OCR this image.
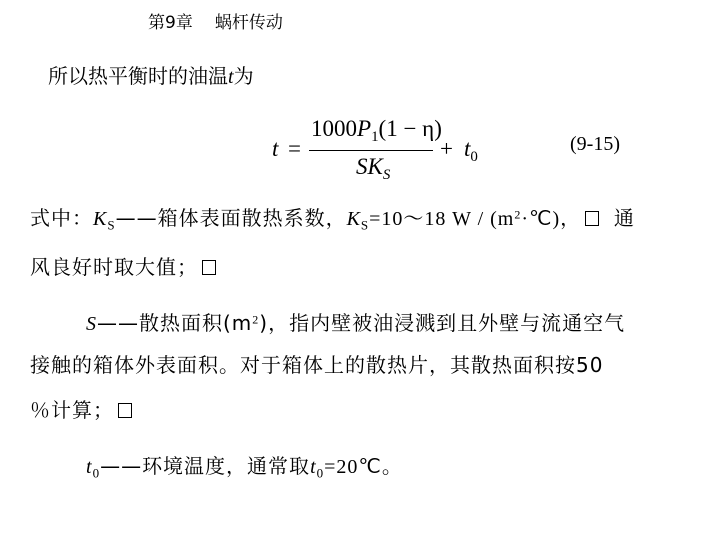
第9章 蜗杆传动
所以热平衡时的油温t为
t =
$1000P_1(1 - \eta)$
$SK_S$
+ $t_0$
(9-15)
式中：$K_S——$箱体表面散热系数，$K_S=10\sim 18$ $W / (m^2\cdot℃)$， 通
风良好时取大值；
S——散热面积$(m^2)$，指内壁被油浸溅到且外壁与流通空气
接触的箱体外表面积。对于箱体上的散热片，其散热面积按50
％计算；
$t_0——$环境温度，通常取$t_0=20℃$。
